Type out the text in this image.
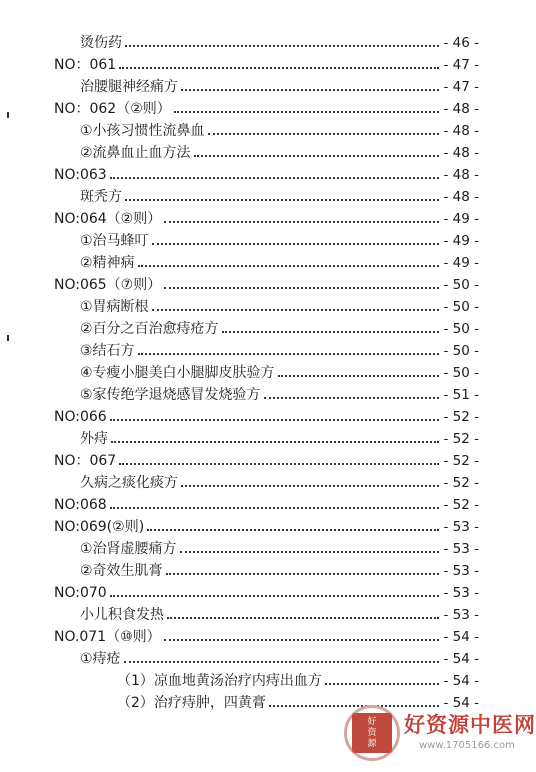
烫伤药	- 46 -
NO：061	- 47 -
治腰腿神经痛方	- 47 -
NO：062（②则）	- 48 -
①小孩习惯性流鼻血	- 48 -
②流鼻血止血方法	- 48 -
NO:063	- 48 -
斑秃方	- 48 -
NO:064（②则）	- 49 -
①治马蜂叮	- 49 -
②精神病	- 49 -
NO:065（⑦则）	- 50 -
①胃病断根	- 50 -
②百分之百治愈痔疮方	- 50 -
③结石方	- 50 -
④专瘦小腿美白小腿脚皮肤验方	- 50 -
⑤家传绝学退烧感冒发烧验方	- 51 -
NO:066	- 52 -
外痔	- 52 -
NO：067	- 52 -
久病之痰化痰方	- 52 -
NO:068	- 52 -
NO:069(②则)	- 53 -
①治肾虚腰痛方	- 53 -
②奇效生肌膏	- 53 -
NO:070	- 53 -
小儿积食发热	- 53 -
NO.071（⑩则）	- 54 -
①痔疮	- 54 -
（1）凉血地黄汤治疗内痔出血方	- 54 -
（2）治疗痔肿，四黄膏	- 54 -
好
资
源
好资源中医网
www.1705166.com
